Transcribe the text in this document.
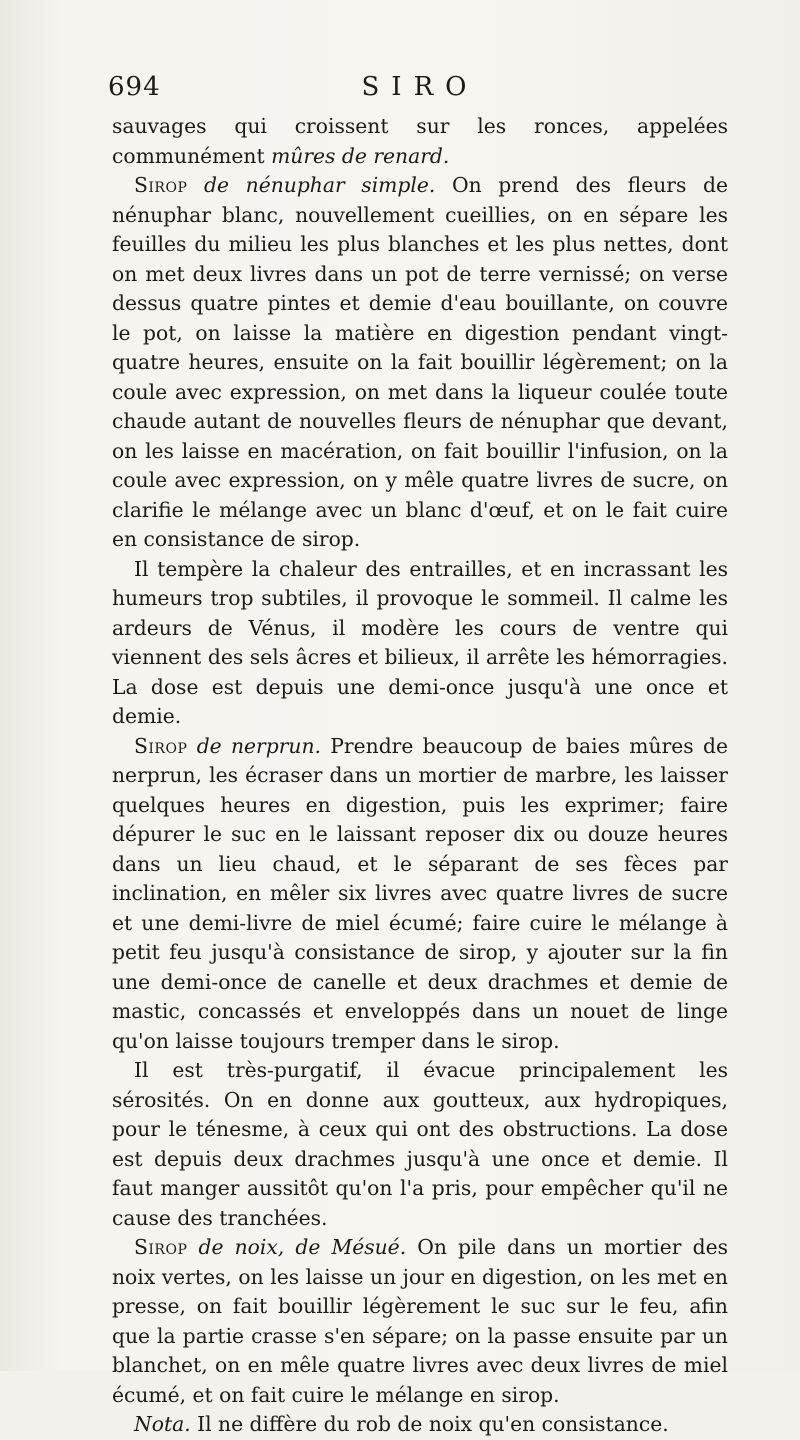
694	SIRO

sauvages qui croissent sur les ronces, appelées communément mûres de renard.

Sirop de nénuphar simple. On prend des fleurs de nénuphar blanc, nouvellement cueillies, on en sépare les feuilles du milieu les plus blanches et les plus nettes, dont on met deux livres dans un pot de terre vernissé; on verse dessus quatre pintes et demie d'eau bouillante, on couvre le pot, on laisse la matière en digestion pendant vingt-quatre heures, ensuite on la fait bouillir légèrement; on la coule avec expression, on met dans la liqueur coulée toute chaude autant de nouvelles fleurs de nénuphar que devant, on les laisse en macération, on fait bouillir l'infusion, on la coule avec expression, on y mêle quatre livres de sucre, on clarifie le mélange avec un blanc d'œuf, et on le fait cuire en consistance de sirop.

Il tempère la chaleur des entrailles, et en incrassant les humeurs trop subtiles, il provoque le sommeil. Il calme les ardeurs de Vénus, il modère les cours de ventre qui viennent des sels âcres et bilieux, il arrête les hémorragies. La dose est depuis une demi-once jusqu'à une once et demie.

Sirop de nerprun. Prendre beaucoup de baies mûres de nerprun, les écraser dans un mortier de marbre, les laisser quelques heures en digestion, puis les exprimer; faire dépurer le suc en le laissant reposer dix ou douze heures dans un lieu chaud, et le séparant de ses fèces par inclination, en mêler six livres avec quatre livres de sucre et une demi-livre de miel écumé; faire cuire le mélange à petit feu jusqu'à consistance de sirop, y ajouter sur la fin une demi-once de canelle et deux drachmes et demie de mastic, concassés et enveloppés dans un nouet de linge qu'on laisse toujours tremper dans le sirop.

Il est très-purgatif, il évacue principalement les sérosités. On en donne aux goutteux, aux hydropiques, pour le ténesme, à ceux qui ont des obstructions. La dose est depuis deux drachmes jusqu'à une once et demie. Il faut manger aussitôt qu'on l'a pris, pour empêcher qu'il ne cause des tranchées.

Sirop de noix, de Mésué. On pile dans un mortier des noix vertes, on les laisse un jour en digestion, on les met en presse, on fait bouillir légèrement le suc sur le feu, afin que la partie crasse s'en sépare; on la passe ensuite par un blanchet, on en mêle quatre livres avec deux livres de miel écumé, et on fait cuire le mélange en sirop.

Nota. Il ne diffère du rob de noix qu'en consistance.
